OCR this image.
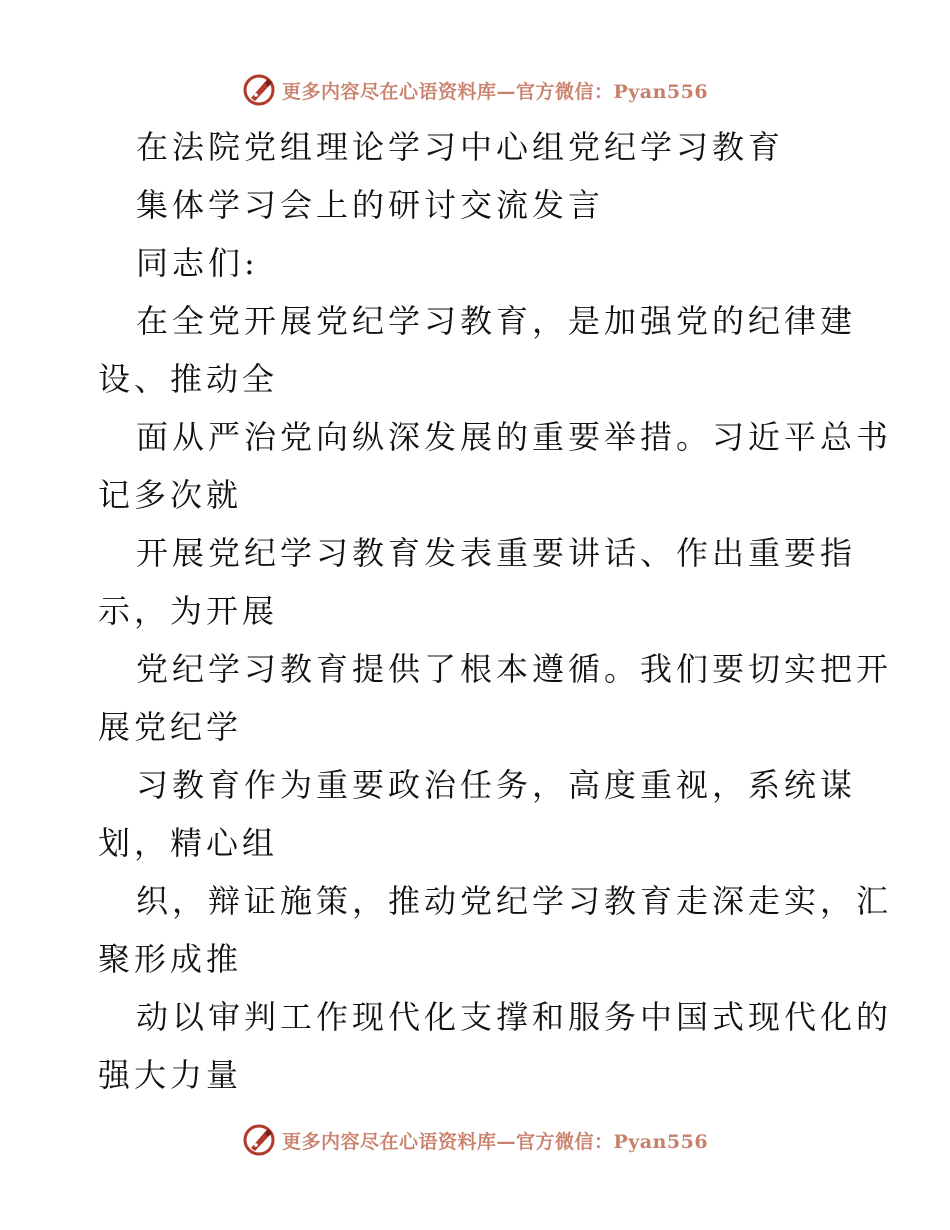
更多内容尽在心语资料库—官方微信：Pyan556
在法院党组理论学习中心组党纪学习教育
集体学习会上的研讨交流发言
同志们:
在全党开展党纪学习教育，是加强党的纪律建
设、推动全
面从严治党向纵深发展的重要举措。习近平总书
记多次就
开展党纪学习教育发表重要讲话、作出重要指
示，为开展
党纪学习教育提供了根本遵循。我们要切实把开
展党纪学
习教育作为重要政治任务，高度重视，系统谋
划，精心组
织，辩证施策，推动党纪学习教育走深走实，汇
聚形成推
动以审判工作现代化支撑和服务中国式现代化的
强大力量
更多内容尽在心语资料库—官方微信：Pyan556
